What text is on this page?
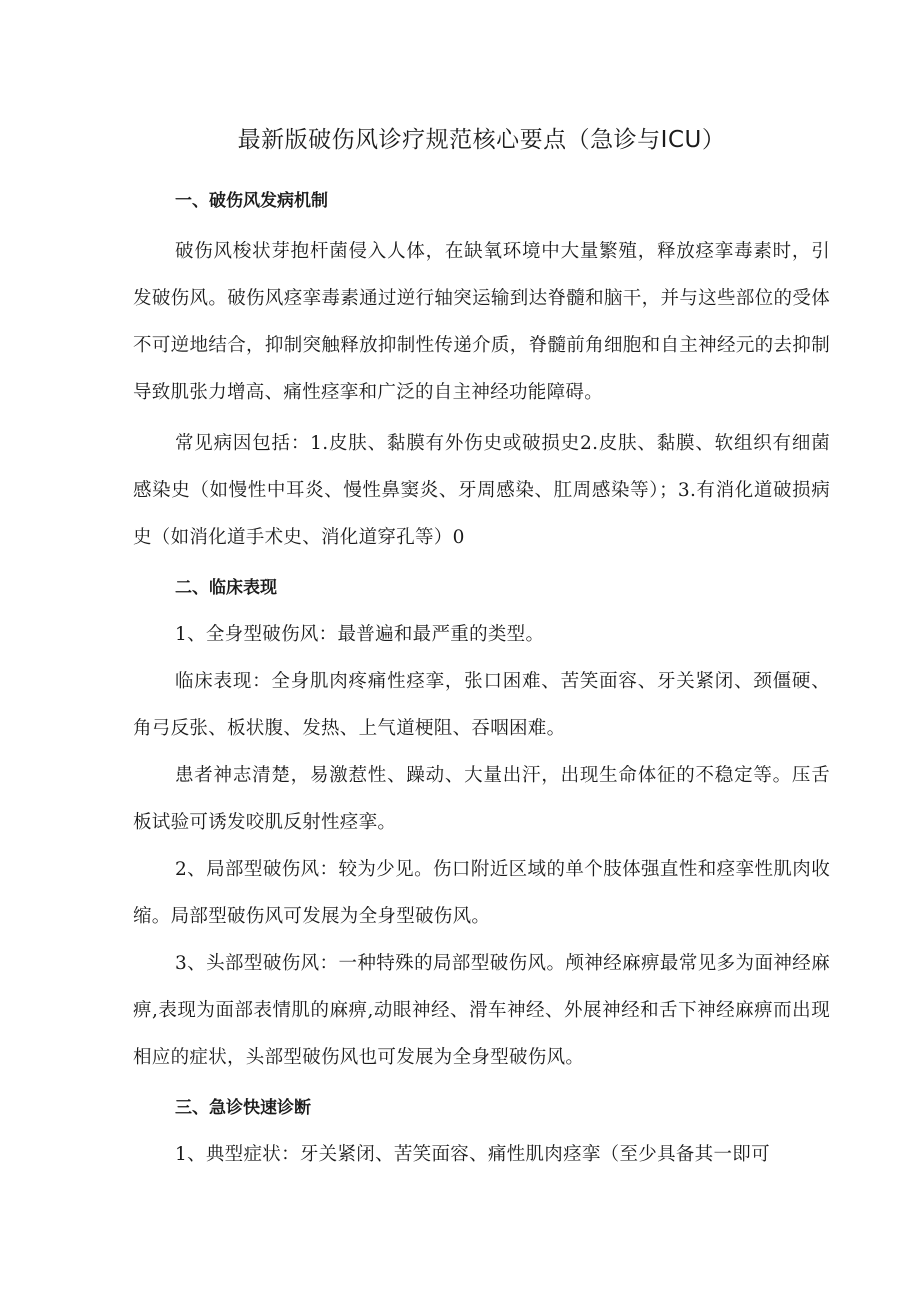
最新版破伤风诊疗规范核心要点（急诊与ICU）
一、破伤风发病机制

破伤风梭状芽抱杆菌侵入人体，在缺氧环境中大量繁殖，释放痉挛毒素时，引发破伤风。破伤风痉挛毒素通过逆行轴突运输到达脊髓和脑干，并与这些部位的受体不可逆地结合，抑制突触释放抑制性传递介质，脊髓前角细胞和自主神经元的去抑制导致肌张力增高、痛性痉挛和广泛的自主神经功能障碍。

常见病因包括：1.皮肤、黏膜有外伤史或破损史2.皮肤、黏膜、软组织有细菌感染史（如慢性中耳炎、慢性鼻窦炎、牙周感染、肛周感染等）；3.有消化道破损病史（如消化道手术史、消化道穿孔等）0

二、临床表现

1、全身型破伤风：最普遍和最严重的类型。

临床表现：全身肌肉疼痛性痉挛，张口困难、苦笑面容、牙关紧闭、颈僵硬、角弓反张、板状腹、发热、上气道梗阻、吞咽困难。

患者神志清楚，易激惹性、躁动、大量出汗，出现生命体征的不稳定等。压舌板试验可诱发咬肌反射性痉挛。

2、局部型破伤风：较为少见。伤口附近区域的单个肢体强直性和痉挛性肌肉收缩。局部型破伤风可发展为全身型破伤风。

3、头部型破伤风：一种特殊的局部型破伤风。颅神经麻痹最常见多为面神经麻痹,表现为面部表情肌的麻痹,动眼神经、滑车神经、外展神经和舌下神经麻痹而出现相应的症状，头部型破伤风也可发展为全身型破伤风。

三、急诊快速诊断

1、典型症状：牙关紧闭、苦笑面容、痛性肌肉痉挛（至少具备其一即可
